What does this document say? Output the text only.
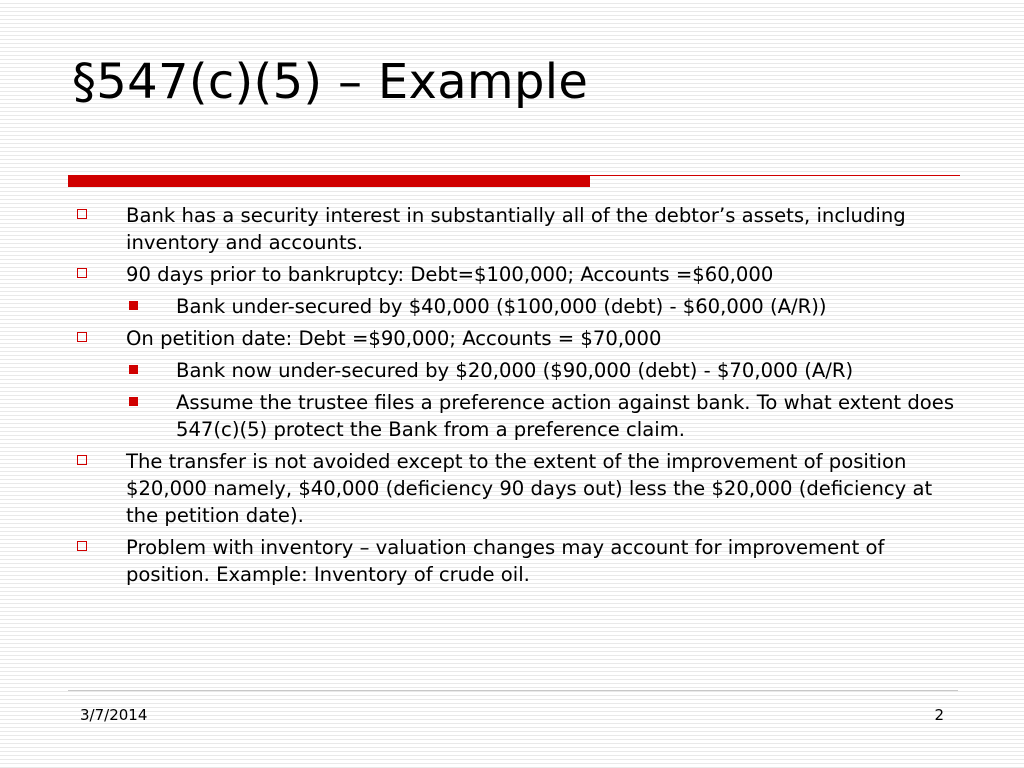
§547(c)(5) – Example
Bank has a security interest in substantially all of the debtor’s assets, including inventory and accounts.
90 days prior to bankruptcy: Debt=$100,000; Accounts =$60,000
Bank under-secured by $40,000 ($100,000 (debt) - $60,000 (A/R))
On petition date: Debt =$90,000; Accounts = $70,000
Bank now under-secured by $20,000 ($90,000 (debt) - $70,000 (A/R)
Assume the trustee files a preference action against bank. To what extent does 547(c)(5) protect the Bank from a preference claim.
The transfer is not avoided except to the extent of the improvement of position $20,000 namely, $40,000 (deficiency 90 days out) less the $20,000 (deficiency at the petition date).
Problem with inventory – valuation changes may account for improvement of position. Example: Inventory of crude oil.
3/7/2014	2
